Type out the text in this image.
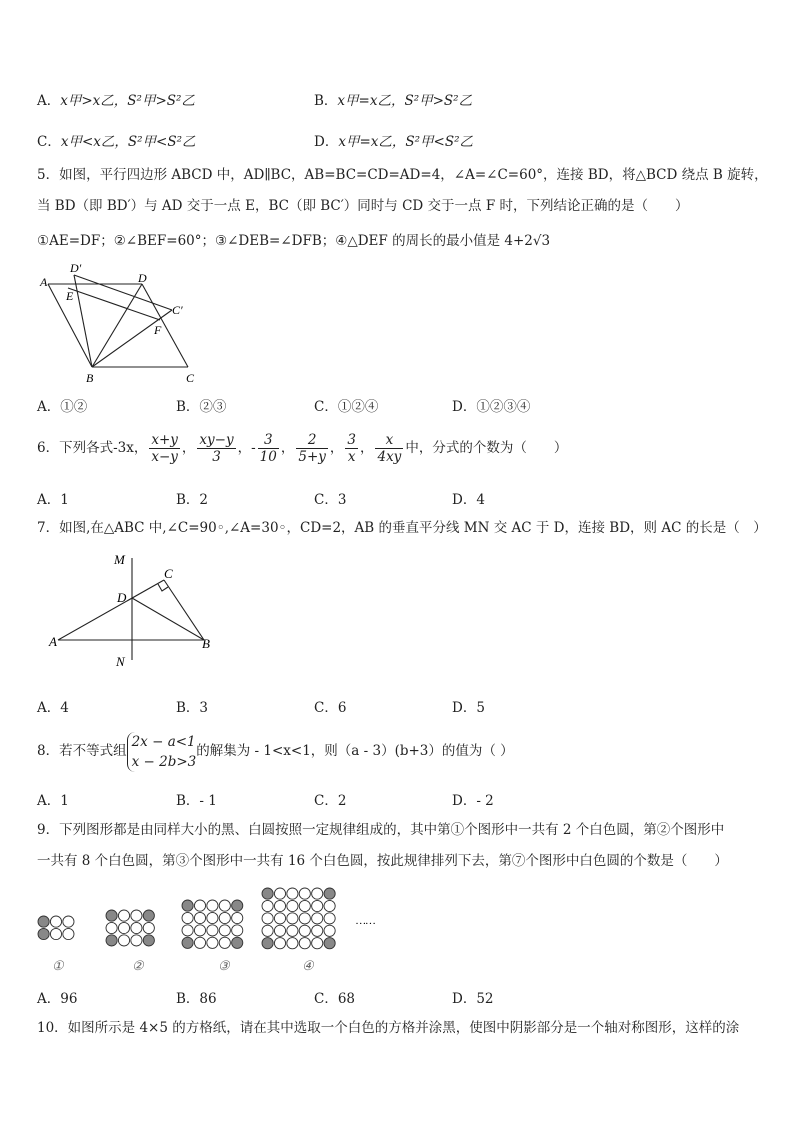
A．x甲>x乙，S²甲>S²乙	B．x甲=x乙，S²甲>S²乙
C．x甲<x乙，S²甲<S²乙	D．x甲=x乙，S²甲<S²乙
5．如图，平行四边形 ABCD 中，AD∥BC，AB=BC=CD=AD=4，∠A=∠C=60°，连接 BD，将△BCD 绕点 B 旋转，
当 BD（即 BD′）与 AD 交于一点 E，BC（即 BC′）同时与 CD 交于一点 F 时，下列结论正确的是（　　）
①AE=DF；②∠BEF=60°；③∠DEB=∠DFB；④△DEF 的周长的最小值是 4+2√3
A
D′
D
E
C′
F
B	C
A．①②	B．②③	C．①②④	D．①②③④
6．下列各式-3x， $\frac{x+y}{x-y}$ ， $\frac{xy-y}{3}$ ，- $\frac{3}{10}$ ， $\frac{2}{5+y}$ ， $\frac{3}{x}$ ， $\frac{x}{4xy}$ 中，分式的个数为（　　）
A．1	B．2	C．3	D．4
7．如图,在△ABC 中,∠C=90◦,∠A=30◦，CD=2，AB 的垂直平分线 MN 交 AC 于 D，连接 BD，则 AC 的长是（　）
M
C
D
A	B
N
A．4	B．3	C．6	D．5
8．若不等式组
2x − a<1
x − 2b>3
的解集为 - 1<x<1，则（a - 3）(b+3）的值为（ ）
A．1	B．- 1	C．2	D．- 2
9．下列图形都是由同样大小的黑、白圆按照一定规律组成的，其中第①个图形中一共有 2 个白色圆，第②个图形中
一共有 8 个白色圆，第③个图形中一共有 16 个白色圆，按此规律排列下去，第⑦个图形中白色圆的个数是（　　）
①	②	③	④
……
A．96	B．86	C．68	D．52
10．如图所示是 4×5 的方格纸，请在其中选取一个白色的方格并涂黑，使图中阴影部分是一个轴对称图形，这样的涂
